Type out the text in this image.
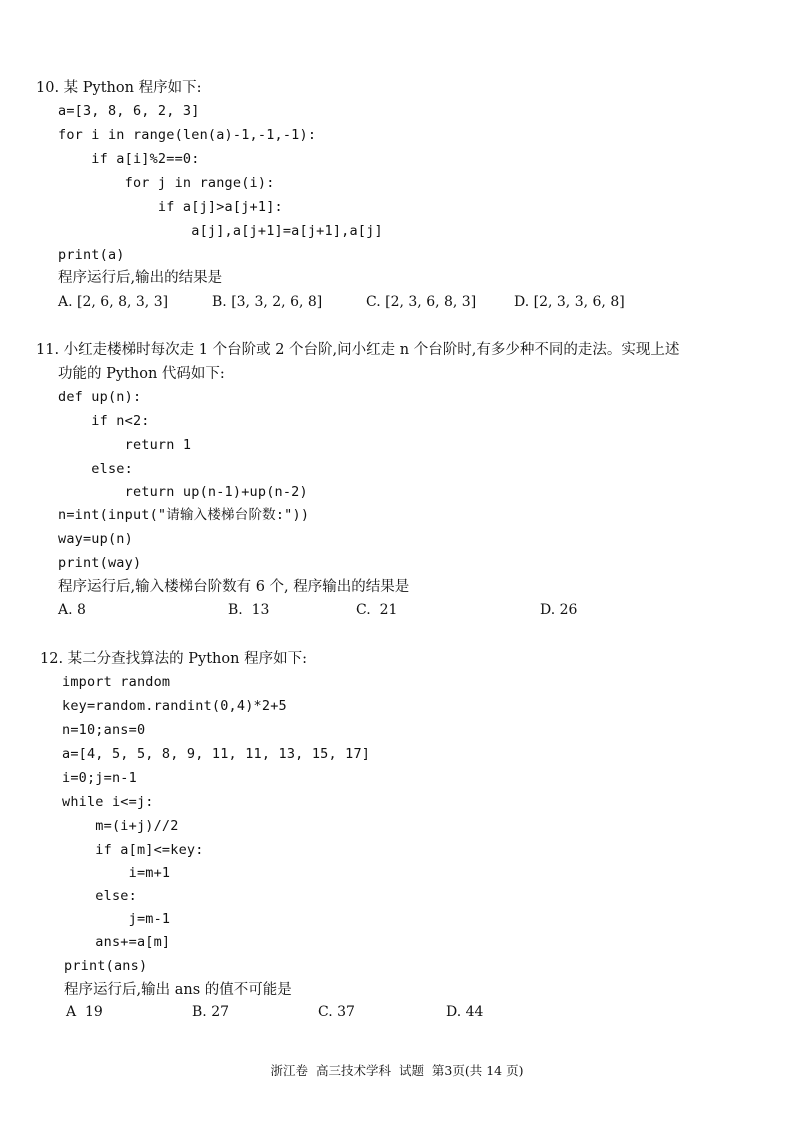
10. 某 Python 程序如下:
a=[3, 8, 6, 2, 3]
for i in range(len(a)-1,-1,-1):
if a[i]%2==0:
for j in range(i):
if a[j]>a[j+1]:
a[j],a[j+1]=a[j+1],a[j]
print(a)
程序运行后,输出的结果是
A. [2, 6, 8, 3, 3]	B. [3, 3, 2, 6, 8]	C. [2, 3, 6, 8, 3]	D. [2, 3, 3, 6, 8]
11. 小红走楼梯时每次走 1 个台阶或 2 个台阶,问小红走 n 个台阶时,有多少种不同的走法。实现上述
功能的 Python 代码如下:
def up(n):
if n<2:
return 1
else:
return up(n-1)+up(n-2)
n=int(input("请输入楼梯台阶数:"))
way=up(n)
print(way)
程序运行后,输入楼梯台阶数有 6 个, 程序输出的结果是
A. 8	B.  13	C.  21	D. 26
12. 某二分查找算法的 Python 程序如下:
import random
key=random.randint(0,4)*2+5
n=10;ans=0
a=[4, 5, 5, 8, 9, 11, 11, 13, 15, 17]
i=0;j=n-1
while i<=j:
m=(i+j)//2
if a[m]<=key:
i=m+1
else:
j=m-1
ans+=a[m]
print(ans)
程序运行后,输出 ans 的值不可能是
A  19	B. 27	C. 37	D. 44
浙江卷  高三技术学科  试题  第3页(共 14 页)
